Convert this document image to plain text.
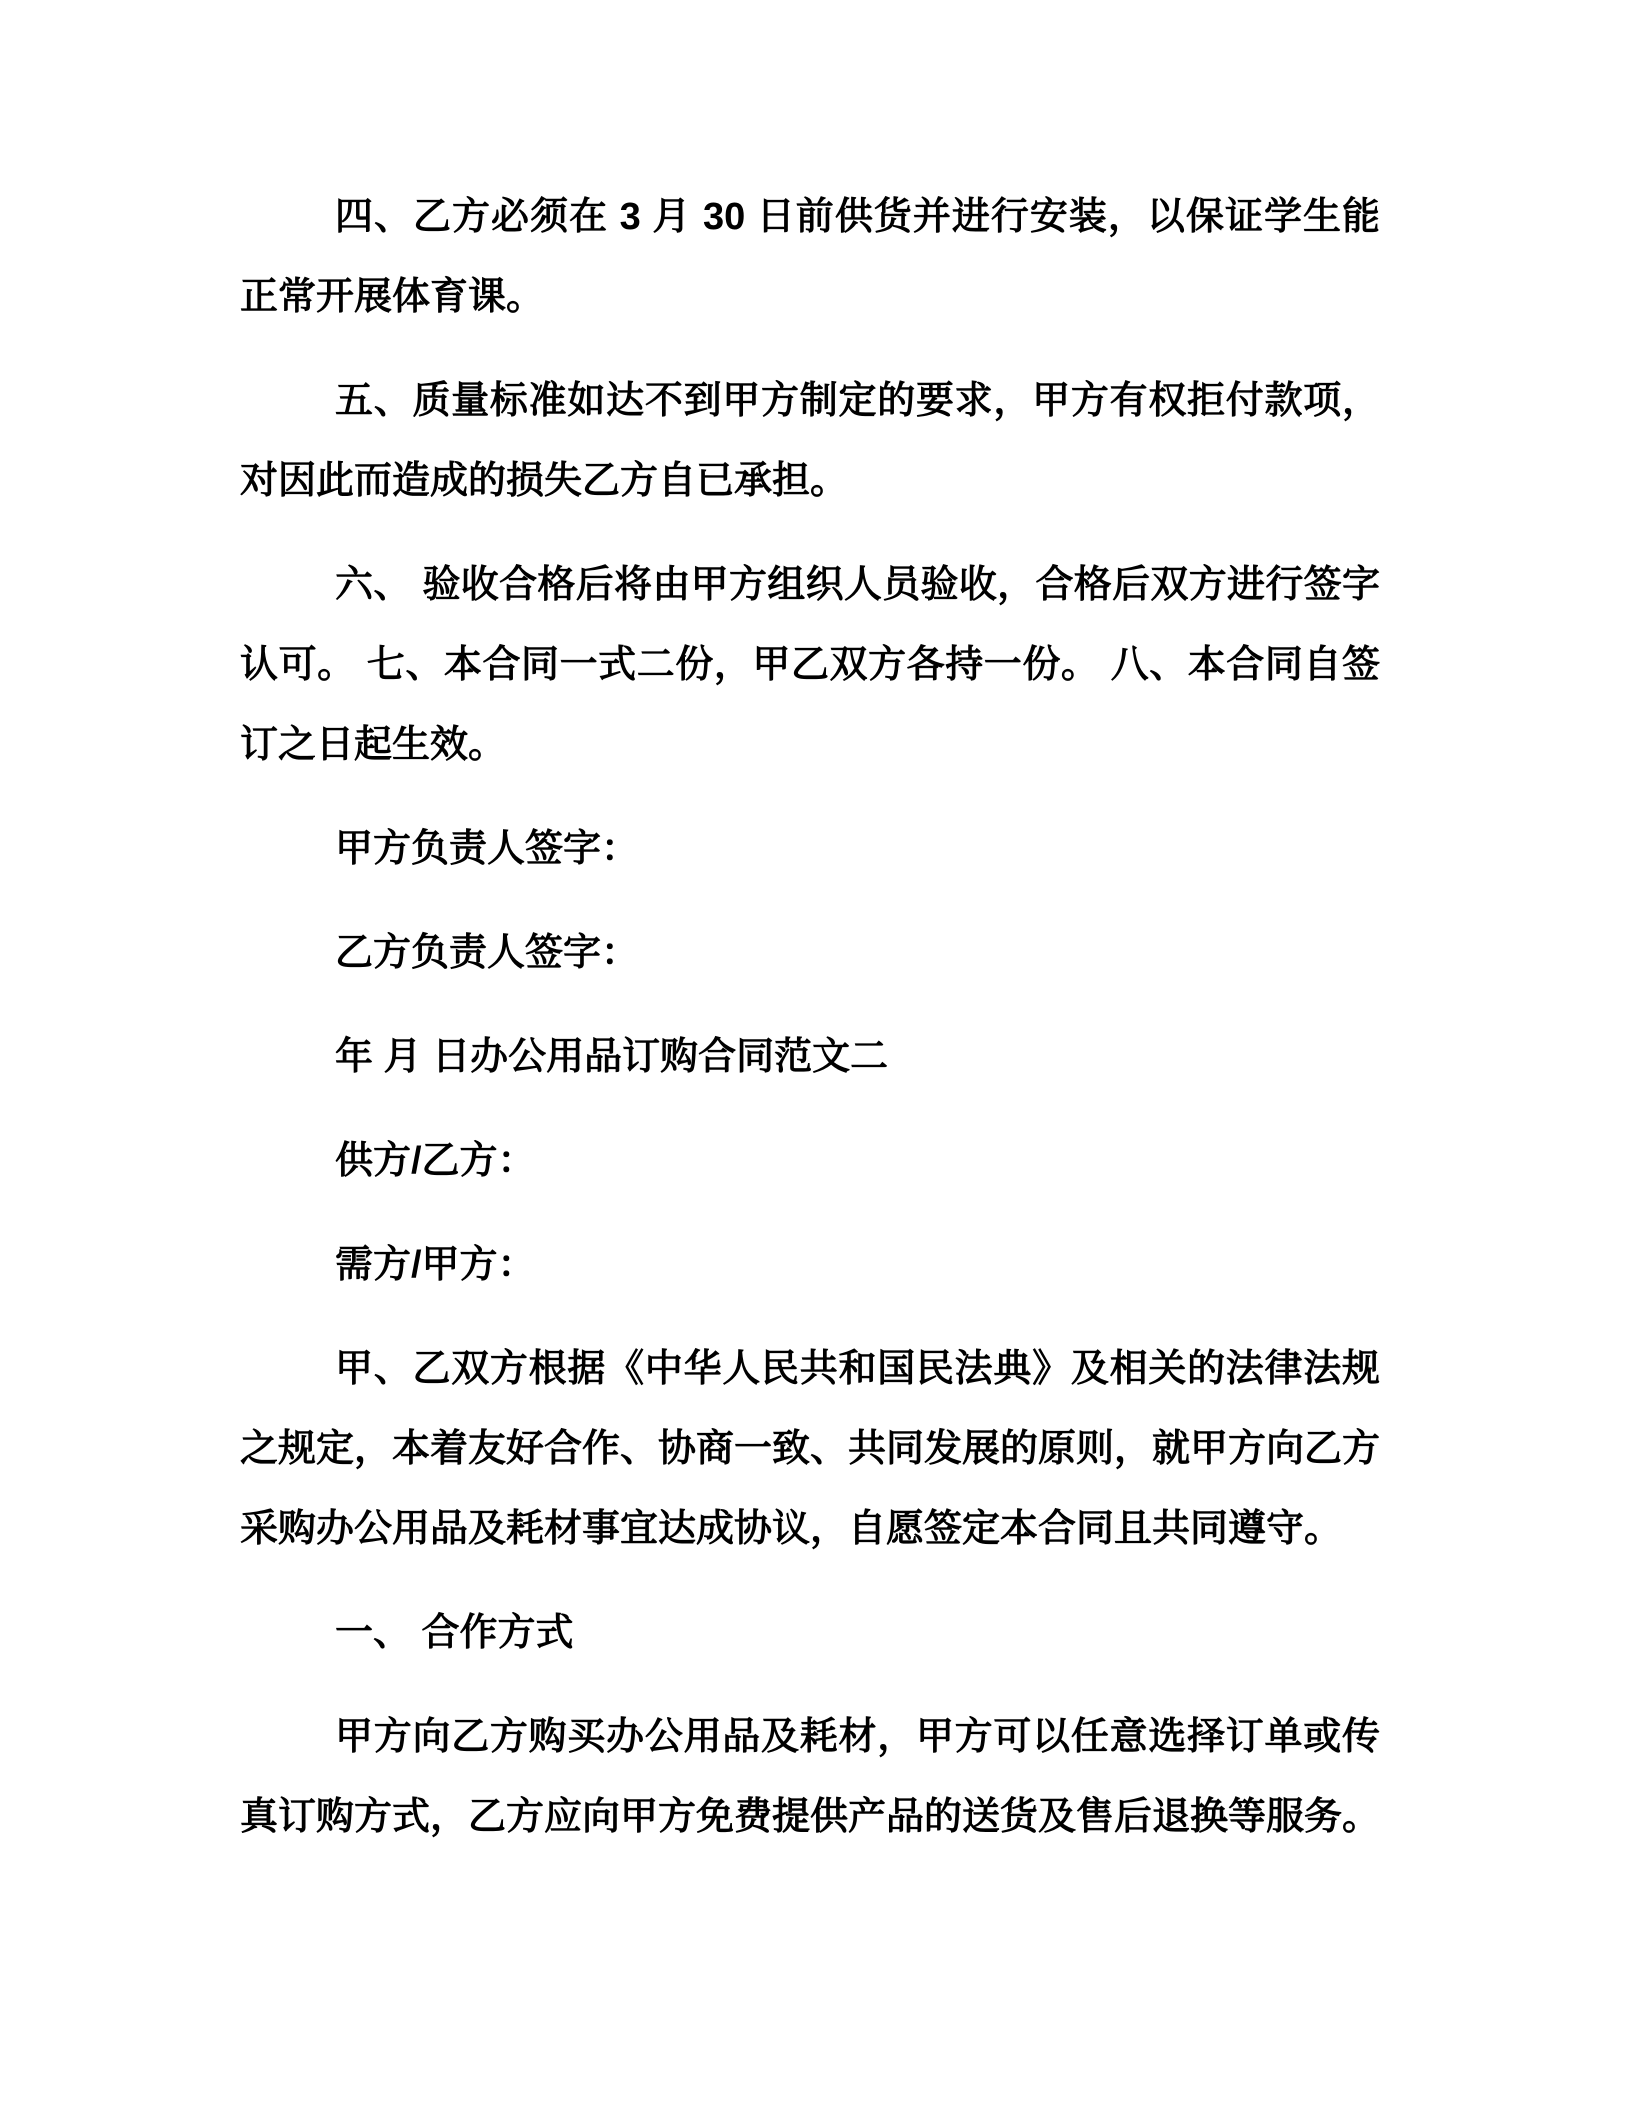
四、乙方必须在 3 月 30 日前供货并进行安装，以保证学生能正常开展体育课。

五、质量标准如达不到甲方制定的要求，甲方有权拒付款项，对因此而造成的损失乙方自已承担。

六、 验收合格后将由甲方组织人员验收，合格后双方进行签字认可。 七、本合同一式二份，甲乙双方各持一份。 八、本合同自签订之日起生效。

甲方负责人签字：

乙方负责人签字：

年 月 日办公用品订购合同范文二

供方/乙方：

需方/甲方：

甲、乙双方根据《中华人民共和国民法典》及相关的法律法规之规定，本着友好合作、协商一致、共同发展的原则，就甲方向乙方采购办公用品及耗材事宜达成协议，自愿签定本合同且共同遵守。

一、 合作方式

甲方向乙方购买办公用品及耗材，甲方可以任意选择订单或传真订购方式，乙方应向甲方免费提供产品的送货及售后退换等服务。
